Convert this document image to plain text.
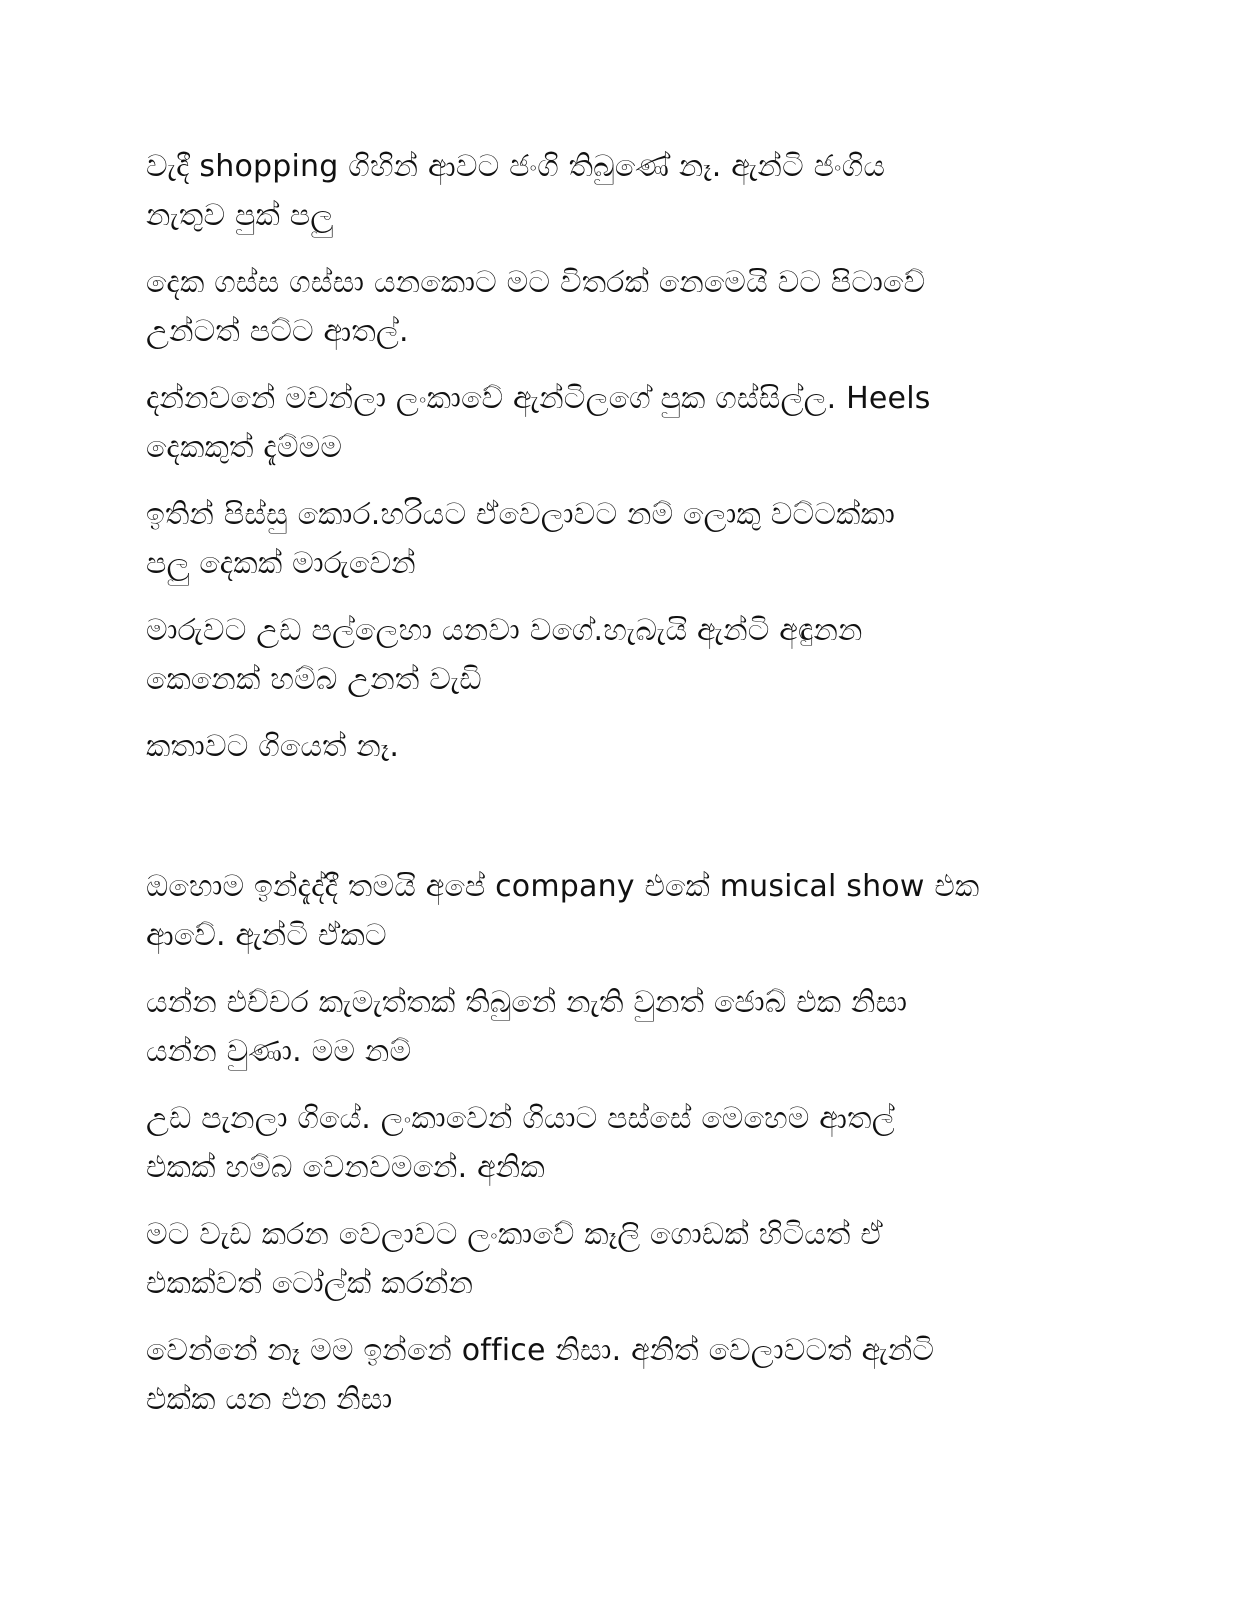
වැදී shopping ගිහින් ආවට ජංගි තිබුණේ නෑ. ඇන්ටි ජංගිය
නැතුව පුක් පලු

දෙක ගස්ස ගස්සා යනකොට මට විතරක් නෙමෙයි වට පිටාවේ
උන්ටත් පට්ට ආතල්.

දන්නවනේ මචන්ලා ලංකාවේ ඇන්ටිලගේ පුක ගස්සිල්ල. Heels
දෙකකුත් දැම්මම

ඉතින් පිස්සු කොර.හරියට ඒවෙලාවට නම් ලොකු වට්ටක්කා
පලු දෙකක් මාරුවෙන්

මාරුවට උඩ පල්ලෙහා යනවා වගේ.හැබැයි ඇන්ටි අඳුනන
කෙනෙක් හම්බ උනත් වැඩි

කතාවට ගියෙත් නෑ.

ඔහොම ඉන්දැද්දී තමයි අපේ company එකේ musical show එක
ආවේ. ඇන්ටි ඒකට

යන්න එච්චර කැමැත්තක් තිබුනේ නැති වුනත් ජොබ් එක නිසා
යන්න වුණා. මම නම්

උඩ පැනලා ගියේ. ලංකාවෙන් ගියාට පස්සේ මෙහෙම ආතල්
එකක් හම්බ වෙනවමනේ. අනික

මට වැඩ කරන වෙලාවට ලංකාවේ කෑලි ගොඩක් හිටියත් ඒ
එකක්වත් ටෝල්ක් කරන්න

වෙන්නේ නෑ මම ඉන්නේ office නිසා. අනිත් වෙලාවටත් ඇන්ටි
එක්ක යන එන නිසා
